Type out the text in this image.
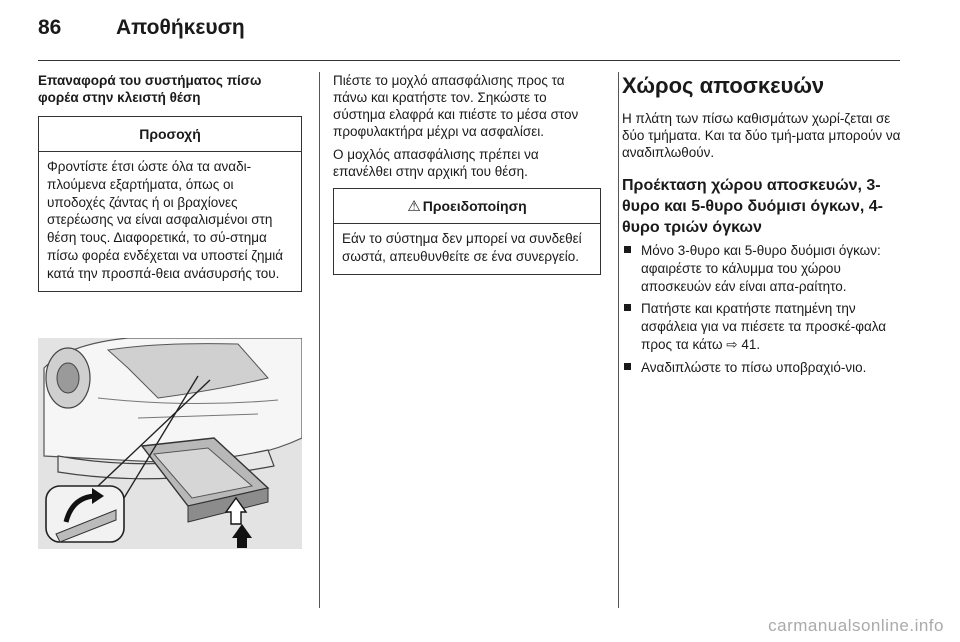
86	Αποθήκευση

Επαναφορά του συστήματος πίσω φορέα στην κλειστή θέση

Προσοχή
Φροντίστε έτσι ώστε όλα τα αναδι-πλούμενα εξαρτήματα, όπως οι υποδοχές ζάντας ή οι βραχίονες στερέωσης να είναι ασφαλισμένοι στη θέση τους. Διαφορετικά, το σύ-στημα πίσω φορέα ενδέχεται να υποστεί ζημιά κατά την προσπά-θεια ανάσυρσής του.

Πιέστε το μοχλό απασφάλισης προς τα πάνω και κρατήστε τον. Σηκώστε το σύστημα ελαφρά και πιέστε το μέσα στον προφυλακτήρα μέχρι να ασφαλίσει.

Ο μοχλός απασφάλισης πρέπει να επανέλθει στην αρχική του θέση.

⚠ Προειδοποίηση
Εάν το σύστημα δεν μπορεί να συνδεθεί σωστά, απευθυνθείτε σε ένα συνεργείο.
Χώρος αποσκευών

Η πλάτη των πίσω καθισμάτων χωρί-ζεται σε δύο τμήματα. Και τα δύο τμή-ματα μπορούν να αναδιπλωθούν.

Προέκταση χώρου αποσκευών, 3-θυρο και 5-θυρο δυόμισι όγκων, 4-θυρο τριών όγκων
Μόνο 3-θυρο και 5-θυρο δυόμισι όγκων: αφαιρέστε το κάλυμμα του χώρου αποσκευών εάν είναι απα-ραίτητο.
Πατήστε και κρατήστε πατημένη την ασφάλεια για να πιέσετε τα προσκέ-φαλα προς τα κάτω ⇨ 41.
Αναδιπλώστε το πίσω υποβραχιό-νιο.
carmanualsonline.info
